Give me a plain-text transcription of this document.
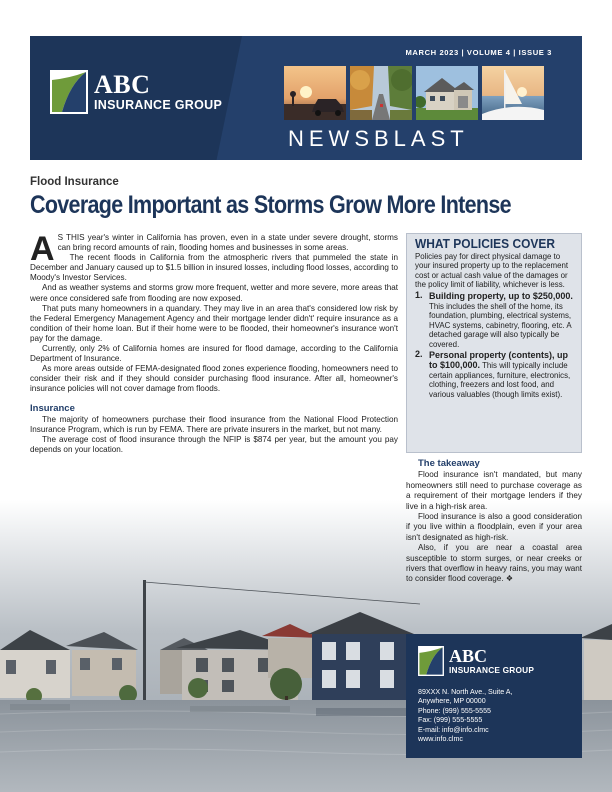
ABC
INSURANCE GROUP
MARCH 2023 | VOLUME 4 | ISSUE 3
NEWSBLAST
Flood Insurance
Coverage Important as Storms Grow More Intense

A S THIS year's winter in California has proven, even in a state under severe drought, storms can bring record amounts of rain, flooding homes and businesses in some areas.

The recent floods in California from the atmospheric rivers that pummeled the state in December and January caused up to $1.5 billion in insured losses, including flood losses, according to Moody's Investor Services.

And as weather systems and storms grow more frequent, wetter and more severe, more areas that were once considered safe from flooding are now exposed.

That puts many homeowners in a quandary. They may live in an area that's considered low risk by the Federal Emergency Management Agency and their mortgage lender didn't' require insurance as a condition of their home loan. But if their home were to be flooded, their homeowner's insurance won't pay for the damage.

Currently, only 2% of California homes are insured for flood damage, according to the California Department of Insurance.

As more areas outside of FEMA-designated flood zones experience flooding, homeowners need to consider their risk and if they should consider purchasing flood insurance. After all, homeowner's insurance policies will not cover damage from floods.

Insurance

The majority of homeowners purchase their flood insurance from the National Flood Protection Insurance Program, which is run by FEMA. There are private insurers in the market, but not many.

The average cost of flood insurance through the NFIP is $874 per year, but the amount you pay depends on your location.

WHAT POLICIES COVER
Policies pay for direct physical damage to your insured property up to the replacement cost or actual cash value of the damages or the policy limit of liability, whichever is less.
1. Building property, up to $250,000. This includes the shell of the home, its foundation, plumbing, electrical systems, HVAC systems, cabinetry, flooring, etc. A detached garage will also typically be covered.
2. Personal property (contents), up to $100,000. This will typically include certain appliances, furniture, electronics, clothing, freezers and lost food, and various valuables (though limits exist).
The takeaway

Flood insurance isn't mandated, but many homeowners still need to purchase coverage as a requirement of their mortgage lenders if they live in a high-risk area.

Flood insurance is also a good consideration if you live within a floodplain, even if your area isn't designated as high-risk.

Also, if you are near a coastal area susceptible to storm surges, or near creeks or rivers that overflow in heavy rains, you may want to consider flood coverage. ❖

ABC
INSURANCE GROUP
89XXX N. North Ave., Suite A,
Anywhere, MP 00000
Phone: (999) 555-5555
Fax: (999) 555-5555
E-mail: info@info.clmc
www.info.clmc
